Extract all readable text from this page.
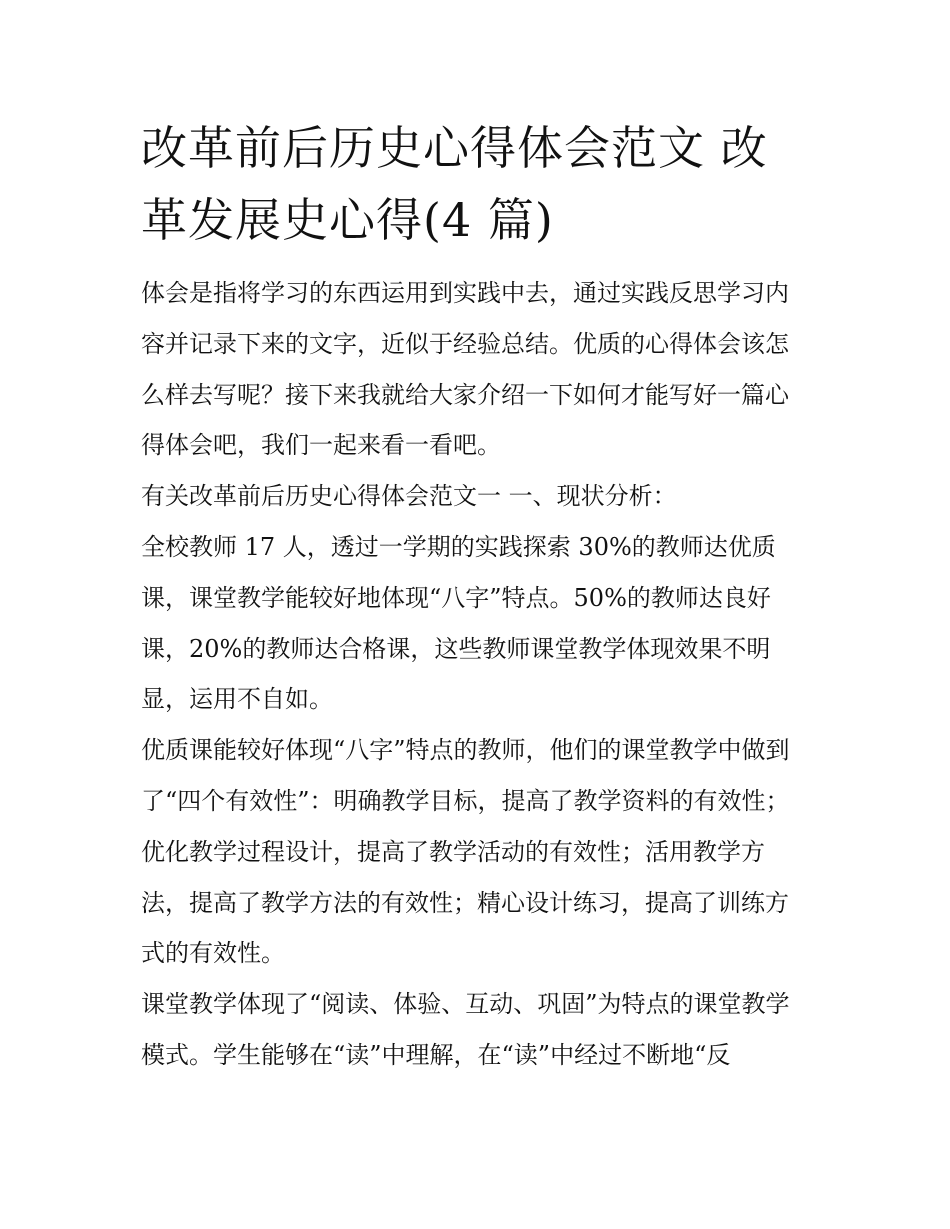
改革前后历史心得体会范文 改革发展史心得(4 篇)

体会是指将学习的东西运用到实践中去，通过实践反思学习内容并记录下来的文字，近似于经验总结。优质的心得体会该怎么样去写呢？接下来我就给大家介绍一下如何才能写好一篇心得体会吧，我们一起来看一看吧。

有关改革前后历史心得体会范文一 一、现状分析：

全校教师 17 人，透过一学期的实践探索 30%的教师达优质课，课堂教学能较好地体现“八字”特点。50%的教师达良好课，20%的教师达合格课，这些教师课堂教学体现效果不明显，运用不自如。

优质课能较好体现“八字”特点的教师，他们的课堂教学中做到了“四个有效性”：明确教学目标，提高了教学资料的有效性；优化教学过程设计，提高了教学活动的有效性；活用教学方法，提高了教学方法的有效性；精心设计练习，提高了训练方式的有效性。

课堂教学体现了“阅读、体验、互动、巩固”为特点的课堂教学模式。学生能够在“读”中理解，在“读”中经过不断地“反
